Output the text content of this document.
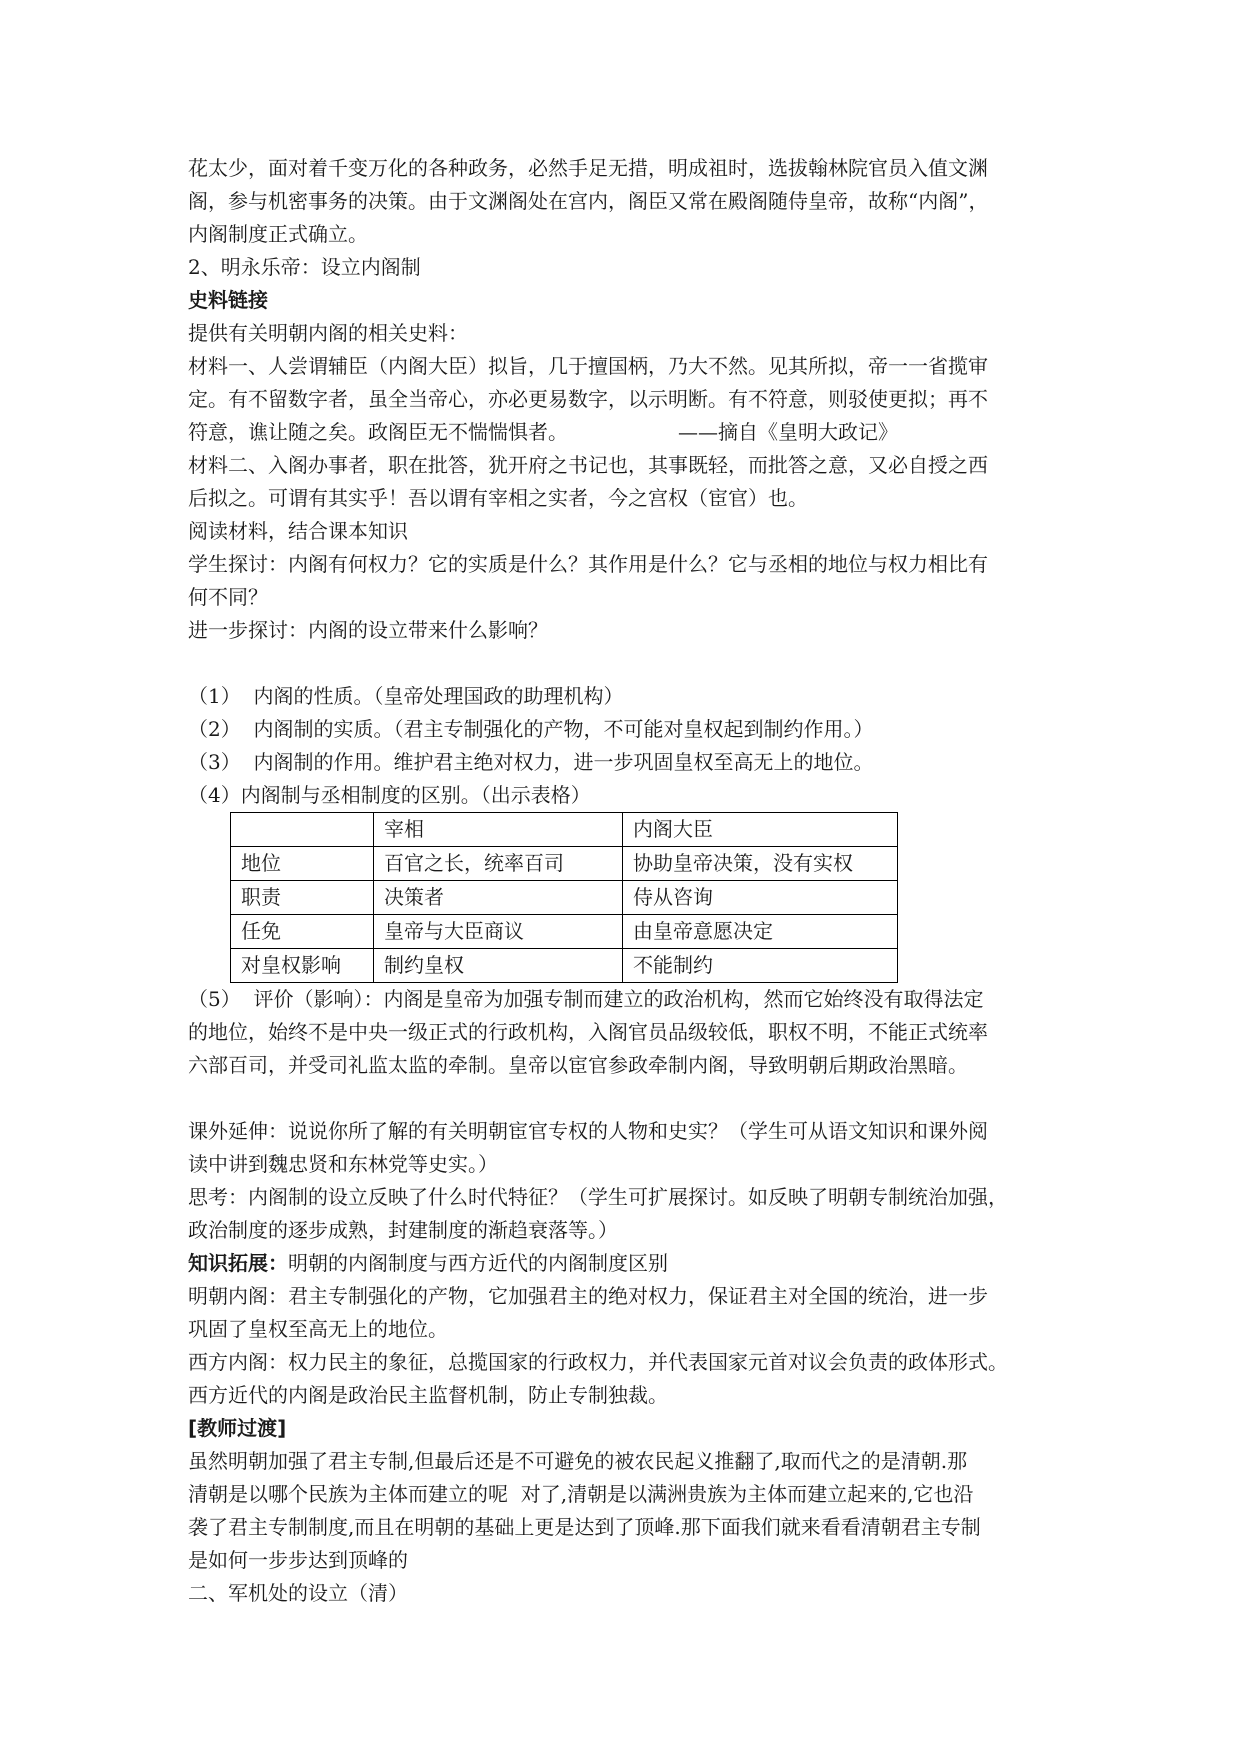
花太少，面对着千变万化的各种政务，必然手足无措，明成祖时，选拔翰林院官员入值文渊

阁，参与机密事务的决策。由于文渊阁处在宫内，阁臣又常在殿阁随侍皇帝，故称“内阁”，

内阁制度正式确立。

2、明永乐帝：设立内阁制

史料链接

提供有关明朝内阁的相关史料：

材料一、人尝谓辅臣（内阁大臣）拟旨，几于擅国柄，乃大不然。见其所拟，帝一一省揽审

定。有不留数字者，虽全当帝心，亦必更易数字，以示明断。有不符意，则驳使更拟；再不

符意，谯让随之矣。政阁臣无不惴惴惧者。	——摘自《皇明大政记》

材料二、入阁办事者，职在批答，犹开府之书记也，其事既轻，而批答之意，又必自授之西

后拟之。可谓有其实乎！吾以谓有宰相之实者，今之宫权（宦官）也。

阅读材料，结合课本知识

学生探讨：内阁有何权力？它的实质是什么？其作用是什么？它与丞相的地位与权力相比有

何不同？

进一步探讨：内阁的设立带来什么影响？

（1）  内阁的性质。（皇帝处理国政的助理机构）

（2）  内阁制的实质。（君主专制强化的产物，不可能对皇权起到制约作用。）

（3）  内阁制的作用。维护君主绝对权力，进一步巩固皇权至高无上的地位。

（4）内阁制与丞相制度的区别。（出示表格）

	宰相	内阁大臣
地位	百官之长，统率百司	协助皇帝决策，没有实权
职责	决策者	侍从咨询
任免	皇帝与大臣商议	由皇帝意愿决定
对皇权影响	制约皇权	不能制约

（5）  评价（影响）：内阁是皇帝为加强专制而建立的政治机构，然而它始终没有取得法定

的地位，始终不是中央一级正式的行政机构，入阁官员品级较低，职权不明，不能正式统率

六部百司，并受司礼监太监的牵制。皇帝以宦官参政牵制内阁，导致明朝后期政治黑暗。

课外延伸：说说你所了解的有关明朝宦官专权的人物和史实？（学生可从语文知识和课外阅

读中讲到魏忠贤和东林党等史实。）

思考：内阁制的设立反映了什么时代特征？（学生可扩展探讨。如反映了明朝专制统治加强，

政治制度的逐步成熟，封建制度的渐趋衰落等。）

知识拓展：明朝的内阁制度与西方近代的内阁制度区别

明朝内阁：君主专制强化的产物，它加强君主的绝对权力，保证君主对全国的统治，进一步

巩固了皇权至高无上的地位。

西方内阁：权力民主的象征，总揽国家的行政权力，并代表国家元首对议会负责的政体形式。

西方近代的内阁是政治民主监督机制，防止专制独裁。

[教师过渡]

虽然明朝加强了君主专制,但最后还是不可避免的被农民起义推翻了,取而代之的是清朝.那

清朝是以哪个民族为主体而建立的呢  对了,清朝是以满洲贵族为主体而建立起来的,它也沿

袭了君主专制制度,而且在明朝的基础上更是达到了顶峰.那下面我们就来看看清朝君主专制

是如何一步步达到顶峰的

二、军机处的设立（清）
